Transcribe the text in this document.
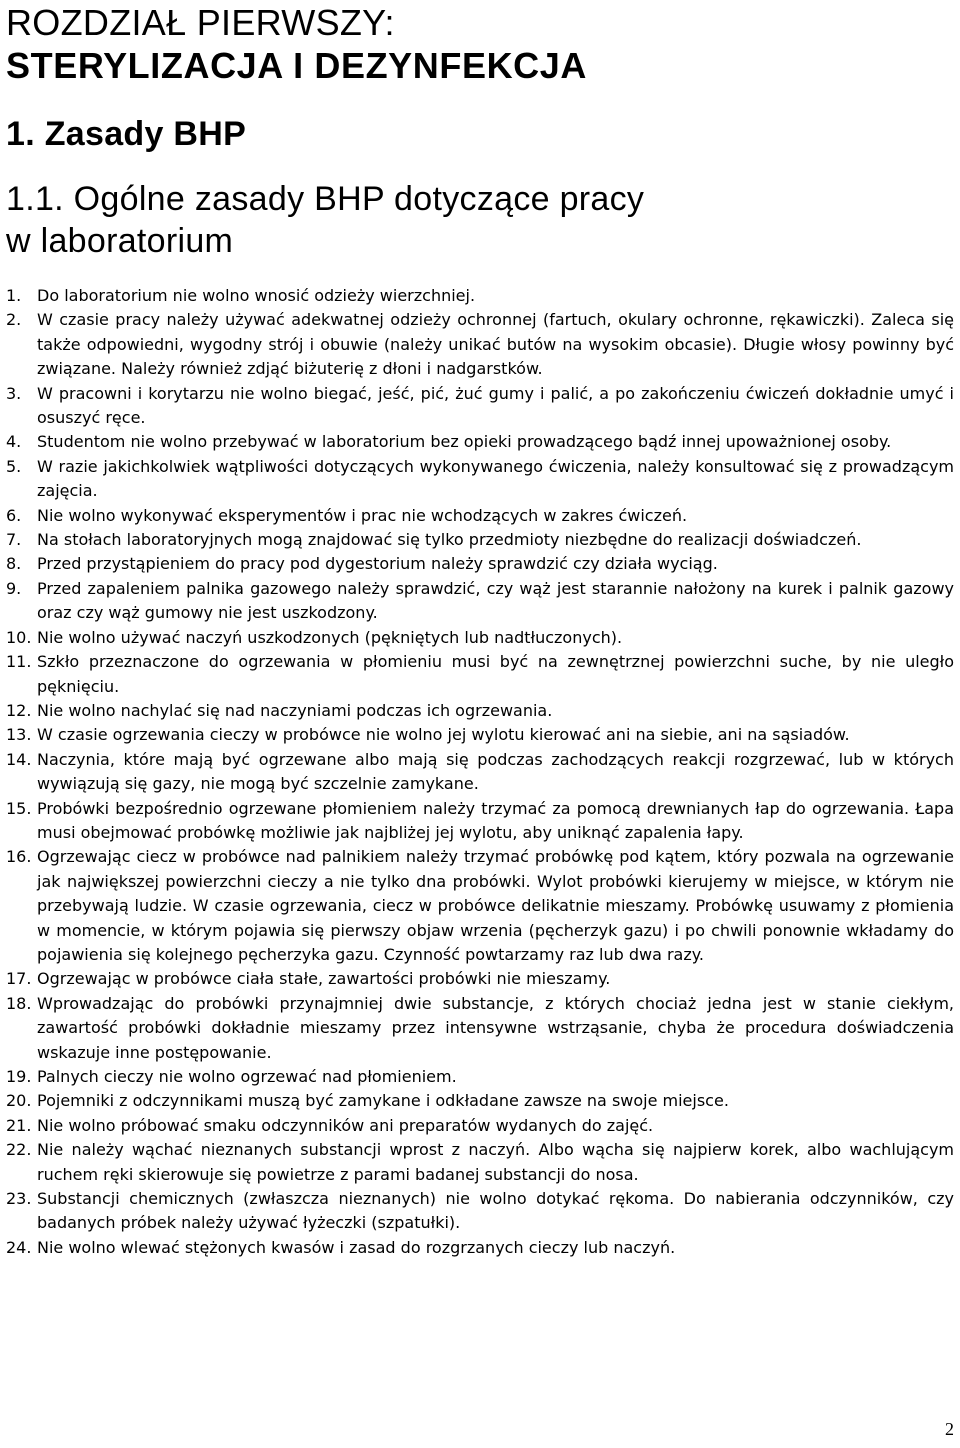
ROZDZIAŁ PIERWSZY:
STERYLIZACJA I DEZYNFEKCJA
1. Zasady BHP
1.1. Ogólne zasady BHP dotyczące pracy
w laboratorium
1. Do laboratorium nie wolno wnosić odzieży wierzchniej.
2. W czasie pracy należy używać adekwatnej odzieży ochronnej (fartuch, okulary ochronne, rękawiczki). Zaleca się także odpowiedni, wygodny strój i obuwie (należy unikać butów na wysokim obcasie). Długie włosy powinny być związane. Należy również zdjąć biżuterię z dłoni i nadgarstków.
3. W pracowni i korytarzu nie wolno biegać, jeść, pić, żuć gumy i palić, a po zakończeniu ćwiczeń dokładnie umyć i osuszyć ręce.
4. Studentom nie wolno przebywać w laboratorium bez opieki prowadzącego bądź innej upoważnionej osoby.
5. W razie jakichkolwiek wątpliwości dotyczących wykonywanego ćwiczenia, należy konsultować się z prowadzącym zajęcia.
6. Nie wolno wykonywać eksperymentów i prac nie wchodzących w zakres ćwiczeń.
7. Na stołach laboratoryjnych mogą znajdować się tylko przedmioty niezbędne do realizacji doświadczeń.
8. Przed przystąpieniem do pracy pod dygestorium należy sprawdzić czy działa wyciąg.
9. Przed zapaleniem palnika gazowego należy sprawdzić, czy wąż jest starannie nałożony na kurek i palnik gazowy oraz czy wąż gumowy nie jest uszkodzony.
10. Nie wolno używać naczyń uszkodzonych (pękniętych lub nadtłuczonych).
11. Szkło przeznaczone do ogrzewania w płomieniu musi być na zewnętrznej powierzchni suche, by nie uległo pęknięciu.
12. Nie wolno nachylać się nad naczyniami podczas ich ogrzewania.
13. W czasie ogrzewania cieczy w probówce nie wolno jej wylotu kierować ani na siebie, ani na sąsiadów.
14. Naczynia, które mają być ogrzewane albo mają się podczas zachodzących reakcji rozgrzewać, lub w których wywiązują się gazy, nie mogą być szczelnie zamykane.
15. Probówki bezpośrednio ogrzewane płomieniem należy trzymać za pomocą drewnianych łap do ogrzewania. Łapa musi obejmować probówkę możliwie jak najbliżej jej wylotu, aby uniknąć zapalenia łapy.
16. Ogrzewając ciecz w probówce nad palnikiem należy trzymać probówkę pod kątem, który pozwala na ogrzewanie jak największej powierzchni cieczy a nie tylko dna probówki. Wylot probówki kierujemy w miejsce, w którym nie przebywają ludzie. W czasie ogrzewania, ciecz w probówce delikatnie mieszamy. Probówkę usuwamy z płomienia w momencie, w którym pojawia się pierwszy objaw wrzenia (pęcherzyk gazu) i po chwili ponownie wkładamy do pojawienia się kolejnego pęcherzyka gazu. Czynność powtarzamy raz lub dwa razy.
17. Ogrzewając w probówce ciała stałe, zawartości probówki nie mieszamy.
18. Wprowadzając do probówki przynajmniej dwie substancje, z których chociaż jedna jest w stanie ciekłym, zawartość probówki dokładnie mieszamy przez intensywne wstrząsanie, chyba że procedura doświadczenia wskazuje inne postępowanie.
19. Palnych cieczy nie wolno ogrzewać nad płomieniem.
20. Pojemniki z odczynnikami muszą być zamykane i odkładane zawsze na swoje miejsce.
21. Nie wolno próbować smaku odczynników ani preparatów wydanych do zajęć.
22. Nie należy wąchać nieznanych substancji wprost z naczyń. Albo wącha się najpierw korek, albo wachlującym ruchem ręki skierowuje się powietrze z parami badanej substancji do nosa.
23. Substancji chemicznych (zwłaszcza nieznanych) nie wolno dotykać rękoma. Do nabierania odczynników, czy badanych próbek należy używać łyżeczki (szpatułki).
24. Nie wolno wlewać stężonych kwasów i zasad do rozgrzanych cieczy lub naczyń.
2
